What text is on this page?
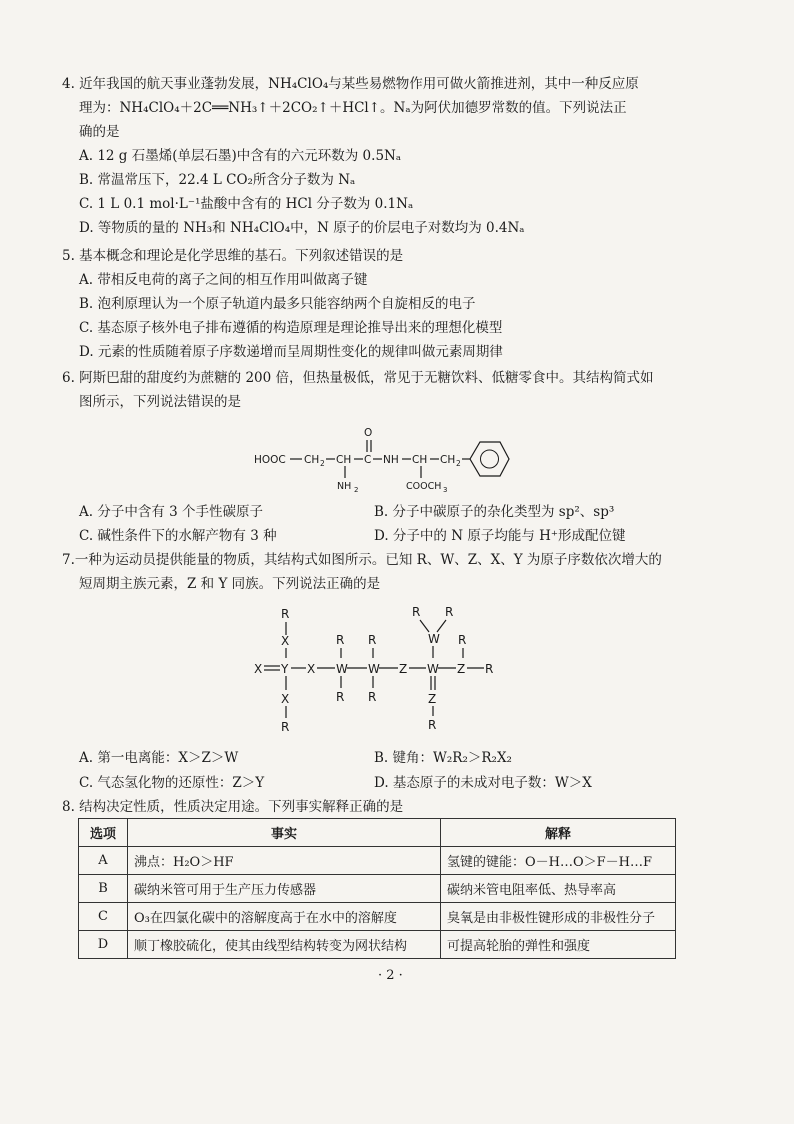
4. 近年我国的航天事业蓬勃发展，NH₄ClO₄与某些易燃物作用可做火箭推进剂，其中一种反应原
理为：NH₄ClO₄＋2C══NH₃↑＋2CO₂↑＋HCl↑。Nₐ为阿伏加德罗常数的值。下列说法正
确的是
A. 12 g 石墨烯(单层石墨)中含有的六元环数为 0.5Nₐ
B. 常温常压下，22.4 L CO₂所含分子数为 Nₐ
C. 1 L 0.1 mol·L⁻¹盐酸中含有的 HCl 分子数为 0.1Nₐ
D. 等物质的量的 NH₃和 NH₄ClO₄中，N 原子的价层电子对数均为 0.4Nₐ
5. 基本概念和理论是化学思维的基石。下列叙述错误的是
A. 带相反电荷的离子之间的相互作用叫做离子键
B. 泡利原理认为一个原子轨道内最多只能容纳两个自旋相反的电子
C. 基态原子核外电子排布遵循的构造原理是理论推导出来的理想化模型
D. 元素的性质随着原子序数递增而呈周期性变化的规律叫做元素周期律
6. 阿斯巴甜的甜度约为蔗糖的 200 倍，但热量极低，常见于无糖饮料、低糖零食中。其结构简式如
图所示，下列说法错误的是
HOOC CH 2 CH
NH 2
C
O
NH CH
COOCH 3
CH 2
A. 分子中含有 3 个手性碳原子	B. 分子中碳原子的杂化类型为 sp²、sp³
C. 碱性条件下的水解产物有 3 种	D. 分子中的 N 原子均能与 H⁺形成配位键
7.一种为运动员提供能量的物质，其结构式如图所示。已知 R、W、Z、X、Y 为原子序数依次增大的
短周期主族元素，Z 和 Y 同族。下列说法正确的是
X Y X W W Z W Z R
X
R
X
R
R
R
R
R
W
R R
Z
R
R
A. 第一电离能：X＞Z＞W	B. 键角：W₂R₂＞R₂X₂
C. 气态氢化物的还原性：Z＞Y	D. 基态原子的未成对电子数：W＞X
8. 结构决定性质，性质决定用途。下列事实解释正确的是
选项	事实	解释
A	沸点：H₂O＞HF	氢键的键能：O－H…O＞F－H…F
B	碳纳米管可用于生产压力传感器	碳纳米管电阻率低、热导率高
C	O₃在四氯化碳中的溶解度高于在水中的溶解度	臭氧是由非极性键形成的非极性分子
D	顺丁橡胶硫化，使其由线型结构转变为网状结构	可提高轮胎的弹性和强度
· 2 ·
